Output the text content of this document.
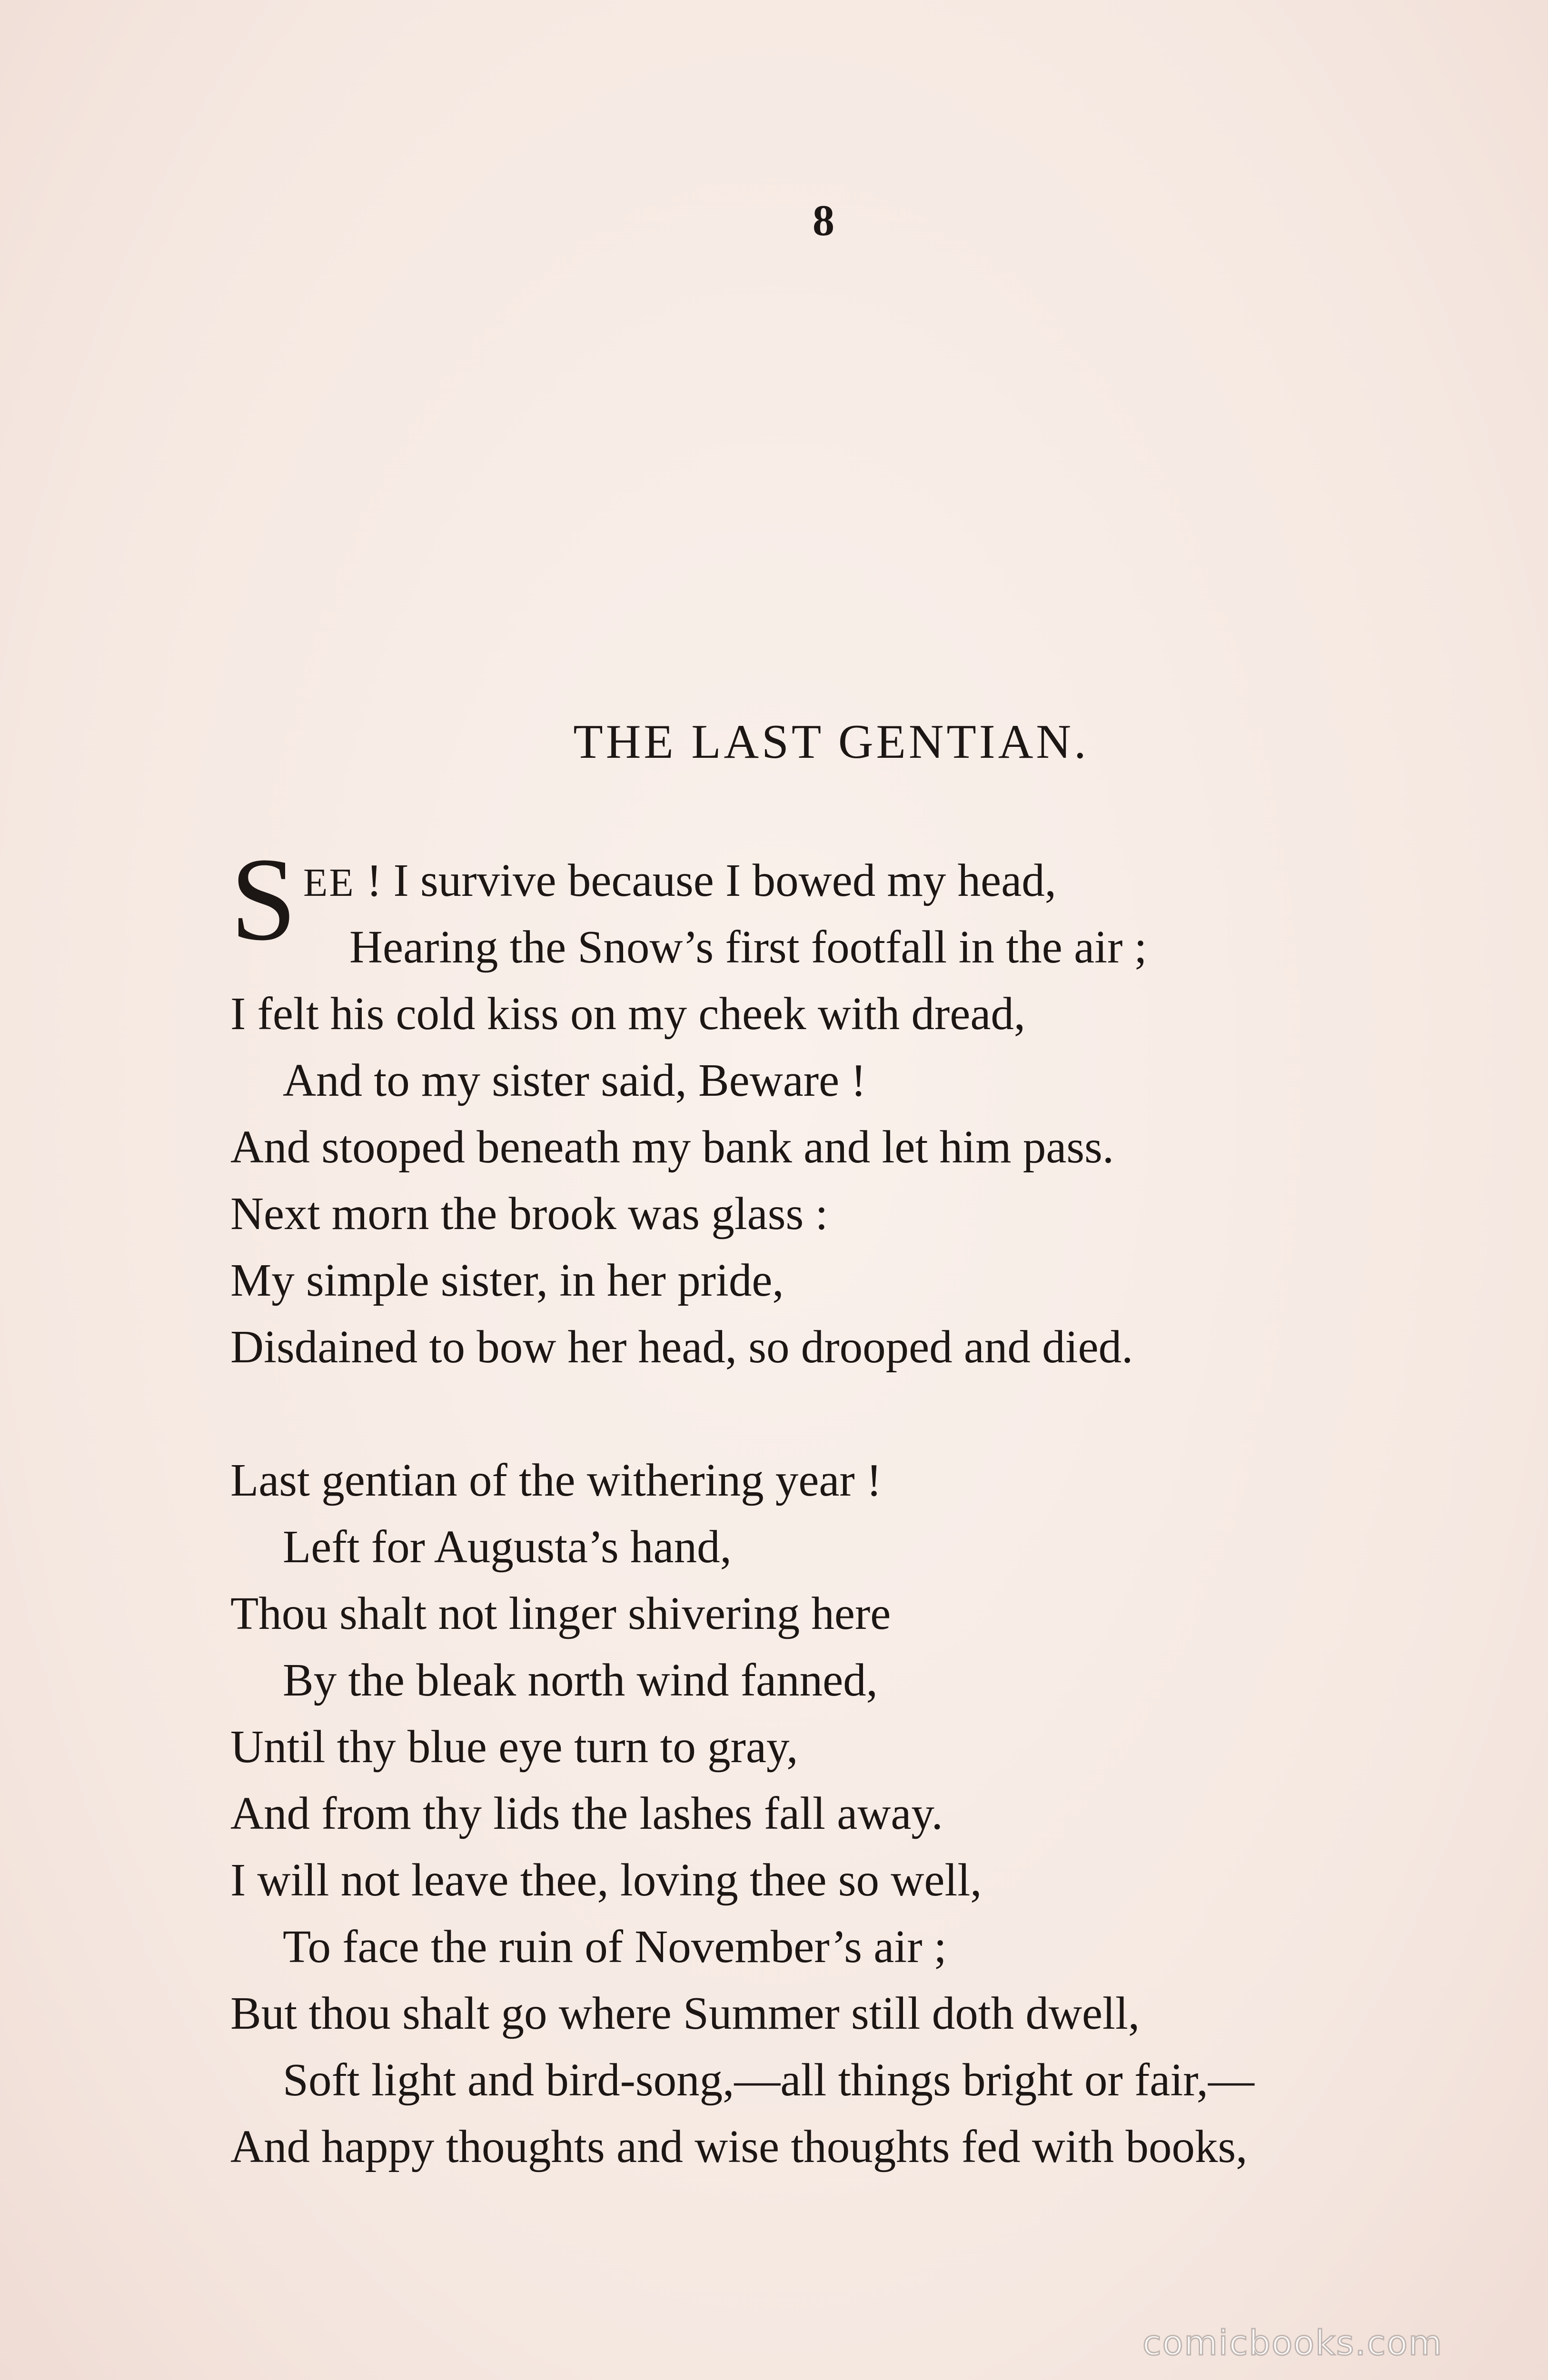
8
THE LAST GENTIAN.
SEE ! I survive because I bowed my head,
Hearing the Snow’s first footfall in the air ;
I felt his cold kiss on my cheek with dread,
And to my sister said, Beware !
And stooped beneath my bank and let him pass.
Next morn the brook was glass :
My simple sister, in her pride,
Disdained to bow her head, so drooped and died.
Last gentian of the withering year !
Left for Augusta’s hand,
Thou shalt not linger shivering here
By the bleak north wind fanned,
Until thy blue eye turn to gray,
And from thy lids the lashes fall away.
I will not leave thee, loving thee so well,
To face the ruin of November’s air ;
But thou shalt go where Summer still doth dwell,
Soft light and bird-song,—all things bright or fair,—
And happy thoughts and wise thoughts fed with books,
comicbooks.com
